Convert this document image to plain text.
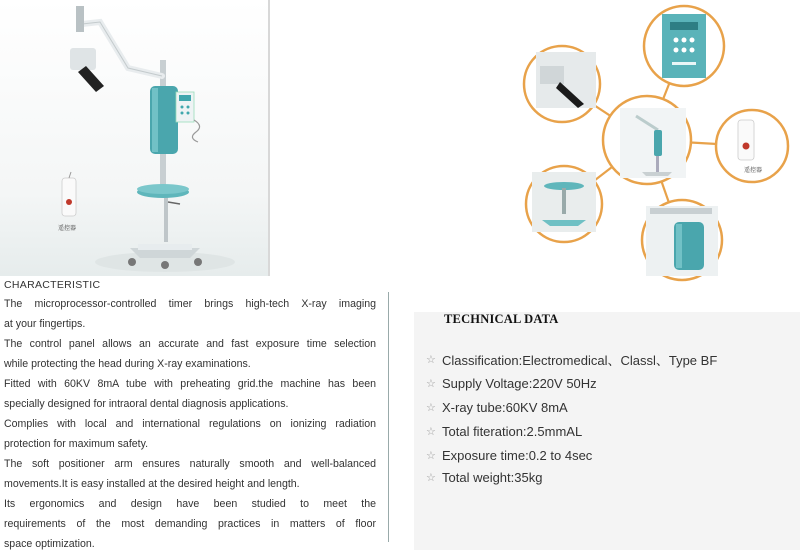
遥控器
遥控器
CHARACTERISTIC
The microprocessor-controlled timer brings high-tech X-ray imaging
at your fingertips.
The control panel allows an accurate and fast exposure time selection
while protecting the head during X-ray examinations.
Fitted with 60KV 8mA tube with preheating grid.the machine has been
specially designed for intraoral dental diagnosis applications.
Complies with local and international regulations on ionizing radiation
protection for maximum safety.
The soft positioner arm ensures naturally smooth and well-balanced
movements.It is easy installed at the desired height and length.
Its ergonomics and design have been studied to meet the
requirements of the most demanding practices in matters of floor
space optimization.
TECHNICAL DATA
☆ Classification:Electromedical、Classl、Type BF
☆ Supply Voltage:220V 50Hz
☆ X-ray tube:60KV 8mA
☆ Total fiteration:2.5mmAL
☆ Exposure time:0.2 to 4sec
☆ Total weight:35kg
